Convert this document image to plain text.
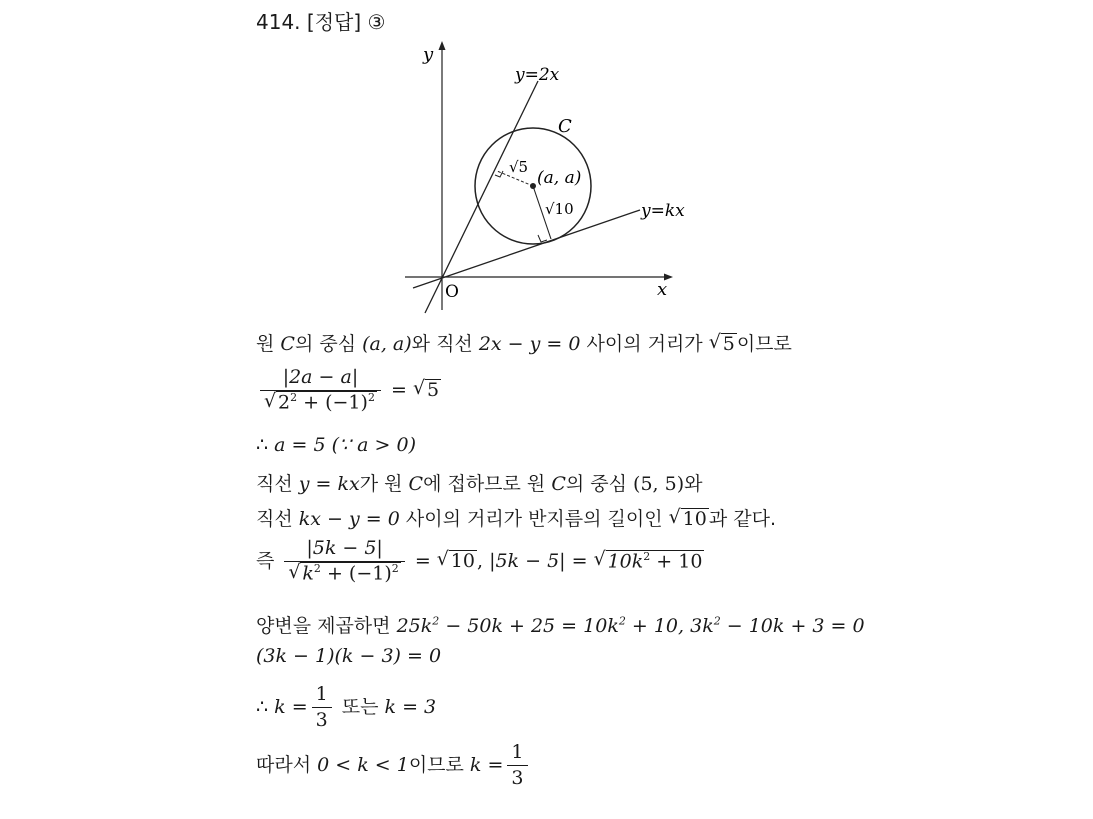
414. [정답] ③
y
x
O
y=2x
y=kx
C
(a, a)
√5
√10
원 C의 중심 (a, a)와 직선 2x − y = 0 사이의 거리가 √ 5 이므로
|2a − a|
√ $2^2 + (-1)^2$ = √ 5
∴ a = 5 (∵ a > 0)
직선 y = kx가 원 C에 접하므로 원 C의 중심 (5, 5)와
직선 kx − y = 0 사이의 거리가 반지름의 길이인 √ 10 과 같다.
즉 |5k − 5|
√ $k^2 + (-1)^2$ = √ 10 , |5k − 5| = √ $10k^2 + 10$
양변을 제곱하면 $25k^2 - 50k + 25 = 10k^2 + 10$, $3k^2 - 10k + 3 = 0$
(3k − 1)(k − 3) = 0
∴ $k = \frac{1}{3}$ 또는 k = 3
따라서 0 < k < 1이므로 $k = \frac{1}{3}$
